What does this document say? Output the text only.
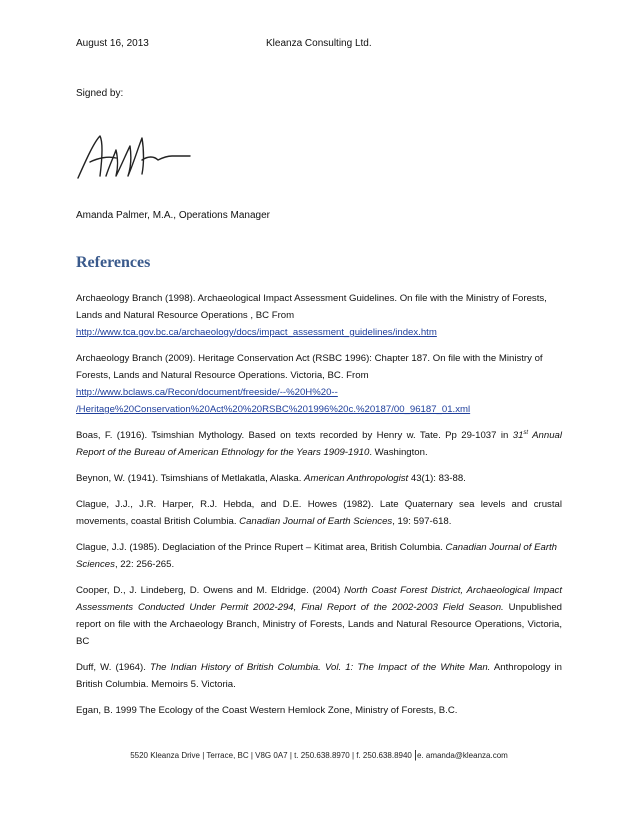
August 16, 2013	Kleanza Consulting Ltd.
Signed by:
Amanda Palmer, M.A., Operations Manager
References
Archaeology Branch (1998). Archaeological Impact Assessment Guidelines. On file with the Ministry of Forests, Lands and Natural Resource Operations , BC From
http://www.tca.gov.bc.ca/archaeology/docs/impact_assessment_guidelines/index.htm
Archaeology Branch (2009). Heritage Conservation Act (RSBC 1996): Chapter 187. On file with the Ministry of Forests, Lands and Natural Resource Operations. Victoria, BC. From
http://www.bclaws.ca/Recon/document/freeside/--%20H%20--
/Heritage%20Conservation%20Act%20%20RSBC%201996%20c.%20187/00_96187_01.xml
Boas, F. (1916). Tsimshian Mythology. Based on texts recorded by Henry w. Tate. Pp 29-1037 in 31st Annual Report of the Bureau of American Ethnology for the Years 1909-1910. Washington.
Beynon, W. (1941). Tsimshians of Metlakatla, Alaska. American Anthropologist 43(1): 83-88.
Clague, J.J., J.R. Harper, R.J. Hebda, and D.E. Howes (1982). Late Quaternary sea levels and crustal movements, coastal British Columbia. Canadian Journal of Earth Sciences, 19: 597-618.
Clague, J.J. (1985). Deglaciation of the Prince Rupert – Kitimat area, British Columbia. Canadian Journal of Earth Sciences, 22: 256-265.
Cooper, D., J. Lindeberg, D. Owens and M. Eldridge. (2004) North Coast Forest District, Archaeological Impact Assessments Conducted Under Permit 2002-294, Final Report of the 2002-2003 Field Season. Unpublished report on file with the Archaeology Branch, Ministry of Forests, Lands and Natural Resource Operations, Victoria, BC
Duff, W. (1964). The Indian History of British Columbia. Vol. 1: The Impact of the White Man. Anthropology in British Columbia. Memoirs 5. Victoria.
Egan, B. 1999 The Ecology of the Coast Western Hemlock Zone, Ministry of Forests, B.C.
5520 Kleanza Drive | Terrace, BC | V8G 0A7 | t. 250.638.8970 | f. 250.638.8940 |e. amanda@kleanza.com
